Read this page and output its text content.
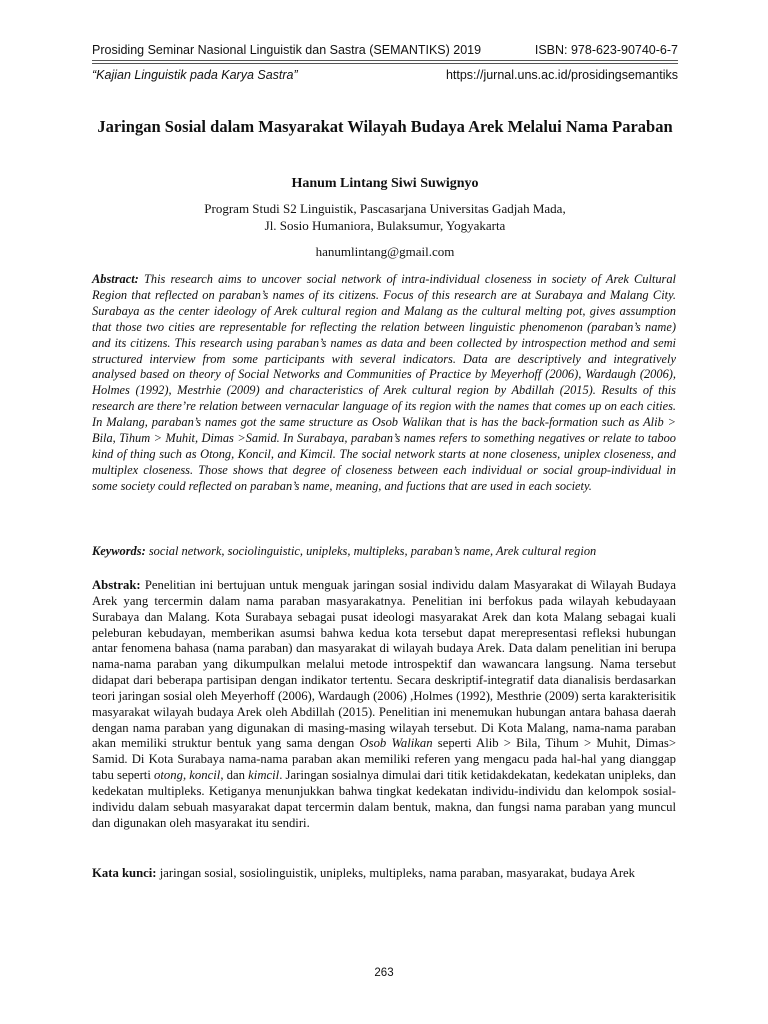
Prosiding Seminar Nasional Linguistik dan Sastra (SEMANTIKS) 2019	ISBN: 978-623-90740-6-7
“Kajian Linguistik pada Karya Sastra”	https://jurnal.uns.ac.id/prosidingsemantiks
Jaringan Sosial dalam Masyarakat Wilayah Budaya Arek Melalui Nama Paraban
Hanum Lintang Siwi Suwignyo
Program Studi S2 Linguistik, Pascasarjana Universitas Gadjah Mada,
Jl. Sosio Humaniora, Bulaksumur, Yogyakarta
hanumlintang@gmail.com
Abstract: This research aims to uncover social network of intra-individual closeness in society of Arek Cultural Region that reflected on paraban’s names of its citizens. Focus of this research are at Surabaya and Malang City. Surabaya as the center ideology of Arek cultural region and Malang as the cultural melting pot, gives assumption that those two cities are representable for reflecting the relation between linguistic phenomenon (paraban’s name) and its citizens. This research using paraban’s names as data and been collected by introspection method and semi structured interview from some participants with several indicators. Data are descriptively and integratively analysed based on theory of Social Networks and Communities of Practice by Meyerhoff (2006), Wardaugh (2006), Holmes (1992), Mestrhie (2009) and characteristics of Arek cultural region by Abdillah (2015). Results of this research are there’re relation between vernacular language of its region with the names that comes up on each cities. In Malang, paraban’s names got the same structure as Osob Walikan that is has the back-formation such as Alib > Bila, Tihum > Muhit, Dimas >Samid. In Surabaya, paraban’s names refers to something negatives or relate to taboo kind of thing such as Otong, Koncil, and Kimcil. The social network starts at none closeness, uniplex closeness, and multiplex closeness. Those shows that degree of closeness between each individual or social group-individual in some society could reflected on paraban’s name, meaning, and fuctions that are used in each society.
Keywords: social network, sociolinguistic, unipleks, multipleks, paraban’s name, Arek cultural region
Abstrak: Penelitian ini bertujuan untuk menguak jaringan sosial individu dalam Masyarakat di Wilayah Budaya Arek yang tercermin dalam nama paraban masyarakatnya. Penelitian ini berfokus pada wilayah kebudayaan Surabaya dan Malang. Kota Surabaya sebagai pusat ideologi masyarakat Arek dan kota Malang sebagai kuali peleburan kebudayan, memberikan asumsi bahwa kedua kota tersebut dapat merepresentasi refleksi hubungan antar fenomena bahasa (nama paraban) dan masyarakat di wilayah budaya Arek. Data dalam penelitian ini berupa nama-nama paraban yang dikumpulkan melalui metode introspektif dan wawancara langsung. Nama tersebut didapat dari beberapa partisipan dengan indikator tertentu. Secara deskriptif-integratif data dianalisis berdasarkan teori jaringan sosial oleh Meyerhoff (2006), Wardaugh (2006) ,Holmes (1992), Mesthrie (2009) serta karakterisitik masyarakat wilayah budaya Arek oleh Abdillah (2015). Penelitian ini menemukan hubungan antara bahasa daerah dengan nama paraban yang digunakan di masing-masing wilayah tersebut. Di Kota Malang, nama-nama paraban akan memiliki struktur bentuk yang sama dengan Osob Walikan seperti Alib > Bila, Tihum > Muhit, Dimas> Samid. Di Kota Surabaya nama-nama paraban akan memiliki referen yang mengacu pada hal-hal yang dianggap tabu seperti otong, koncil, dan kimcil. Jaringan sosialnya dimulai dari titik ketidakdekatan, kedekatan unipleks, dan kedekatan multipleks. Ketiganya menunjukkan bahwa tingkat kedekatan individu-individu dan kelompok sosial-individu dalam sebuah masyarakat dapat tercermin dalam bentuk, makna, dan fungsi nama paraban yang muncul dan digunakan oleh masyarakat itu sendiri.
Kata kunci: jaringan sosial, sosiolinguistik, unipleks, multipleks, nama paraban, masyarakat, budaya Arek
263
